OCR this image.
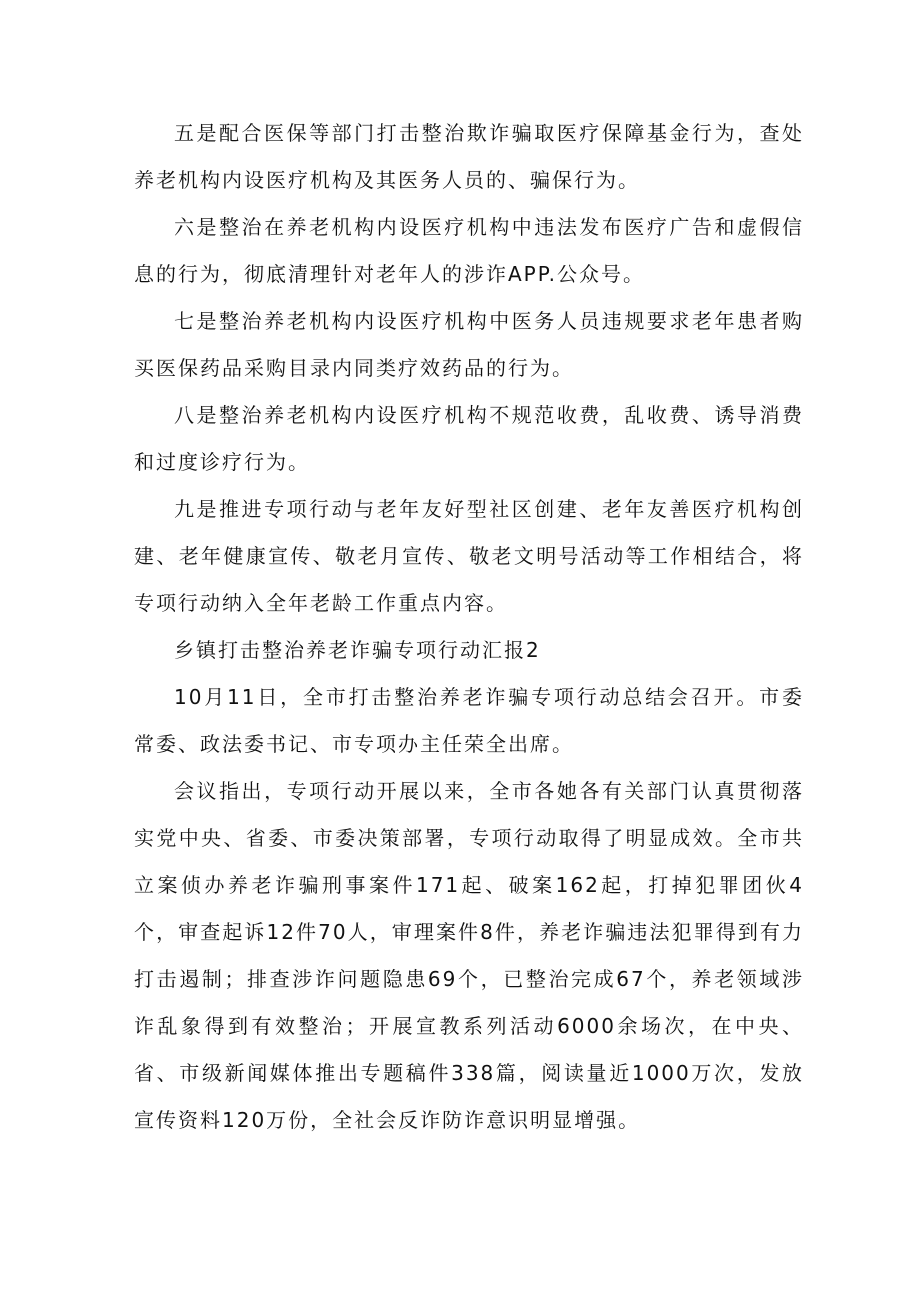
五是配合医保等部门打击整治欺诈骗取医疗保障基金行为，查处养老机构内设医疗机构及其医务人员的、骗保行为。

六是整治在养老机构内设医疗机构中违法发布医疗广告和虚假信息的行为，彻底清理针对老年人的涉诈APP.公众号。

七是整治养老机构内设医疗机构中医务人员违规要求老年患者购买医保药品采购目录内同类疗效药品的行为。

八是整治养老机构内设医疗机构不规范收费，乱收费、诱导消费和过度诊疗行为。

九是推进专项行动与老年友好型社区创建、老年友善医疗机构创建、老年健康宣传、敬老月宣传、敬老文明号活动等工作相结合，将专项行动纳入全年老龄工作重点内容。

乡镇打击整治养老诈骗专项行动汇报2

10月11日，全市打击整治养老诈骗专项行动总结会召开。市委常委、政法委书记、市专项办主任荣全出席。

会议指出，专项行动开展以来，全市各她各有关部门认真贯彻落实党中央、省委、市委决策部署，专项行动取得了明显成效。全市共立案侦办养老诈骗刑事案件171起、破案162起，打掉犯罪团伙4个，审查起诉12件70人，审理案件8件，养老诈骗违法犯罪得到有力打击遏制；排查涉诈问题隐患69个，已整治完成67个，养老领域涉诈乱象得到有效整治；开展宣教系列活动6000余场次，在中央、省、市级新闻媒体推出专题稿件338篇，阅读量近1000万次，发放宣传资料120万份，全社会反诈防诈意识明显增强。
